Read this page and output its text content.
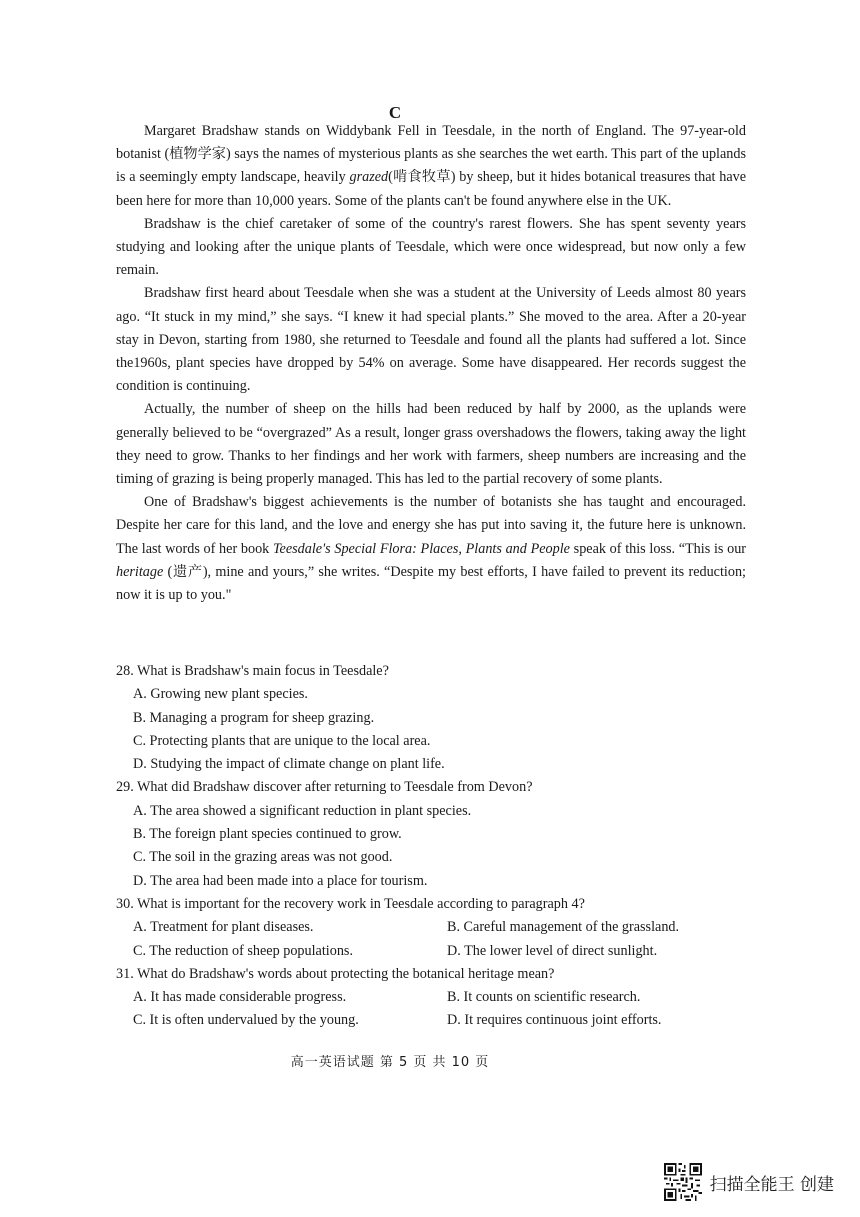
C

Margaret Bradshaw stands on Widdybank Fell in Teesdale, in the north of England. The 97-year-old botanist (植物学家) says the names of mysterious plants as she searches the wet earth. This part of the uplands is a seemingly empty landscape, heavily grazed(啃食牧草) by sheep, but it hides botanical treasures that have been here for more than 10,000 years. Some of the plants can't be found anywhere else in the UK.

Bradshaw is the chief caretaker of some of the country's rarest flowers. She has spent seventy years studying and looking after the unique plants of Teesdale, which were once widespread, but now only a few remain.

Bradshaw first heard about Teesdale when she was a student at the University of Leeds almost 80 years ago. “It stuck in my mind,” she says. “I knew it had special plants.” She moved to the area. After a 20-year stay in Devon, starting from 1980, she returned to Teesdale and found all the plants had suffered a lot. Since the1960s, plant species have dropped by 54% on average. Some have disappeared. Her records suggest the condition is continuing.

Actually, the number of sheep on the hills had been reduced by half by 2000, as the uplands were generally believed to be “overgrazed” As a result, longer grass overshadows the flowers, taking away the light they need to grow. Thanks to her findings and her work with farmers, sheep numbers are increasing and the timing of grazing is being properly managed. This has led to the partial recovery of some plants.

One of Bradshaw's biggest achievements is the number of botanists she has taught and encouraged. Despite her care for this land, and the love and energy she has put into saving it, the future here is unknown. The last words of her book Teesdale's Special Flora: Places, Plants and People speak of this loss. “This is our heritage (遗产), mine and yours,” she writes. “Despite my best efforts, I have failed to prevent its reduction; now it is up to you."

28. What is Bradshaw's main focus in Teesdale?

A. Growing new plant species.

B. Managing a program for sheep grazing.

C. Protecting plants that are unique to the local area.

D. Studying the impact of climate change on plant life.

29. What did Bradshaw discover after returning to Teesdale from Devon?

A. The area showed a significant reduction in plant species.

B. The foreign plant species continued to grow.

C. The soil in the grazing areas was not good.

D. The area had been made into a place for tourism.

30. What is important for the recovery work in Teesdale according to paragraph 4?

A. Treatment for plant diseases.	B. Careful management of the grassland.
C. The reduction of sheep populations.	D. The lower level of direct sunlight.

31. What do Bradshaw's words about protecting the botanical heritage mean?

A. It has made considerable progress.	B. It counts on scientific research.
C. It is often undervalued by the young.	D. It requires continuous joint efforts.
高一英语试题 第 5 页 共 10 页
扫描全能王 创建
